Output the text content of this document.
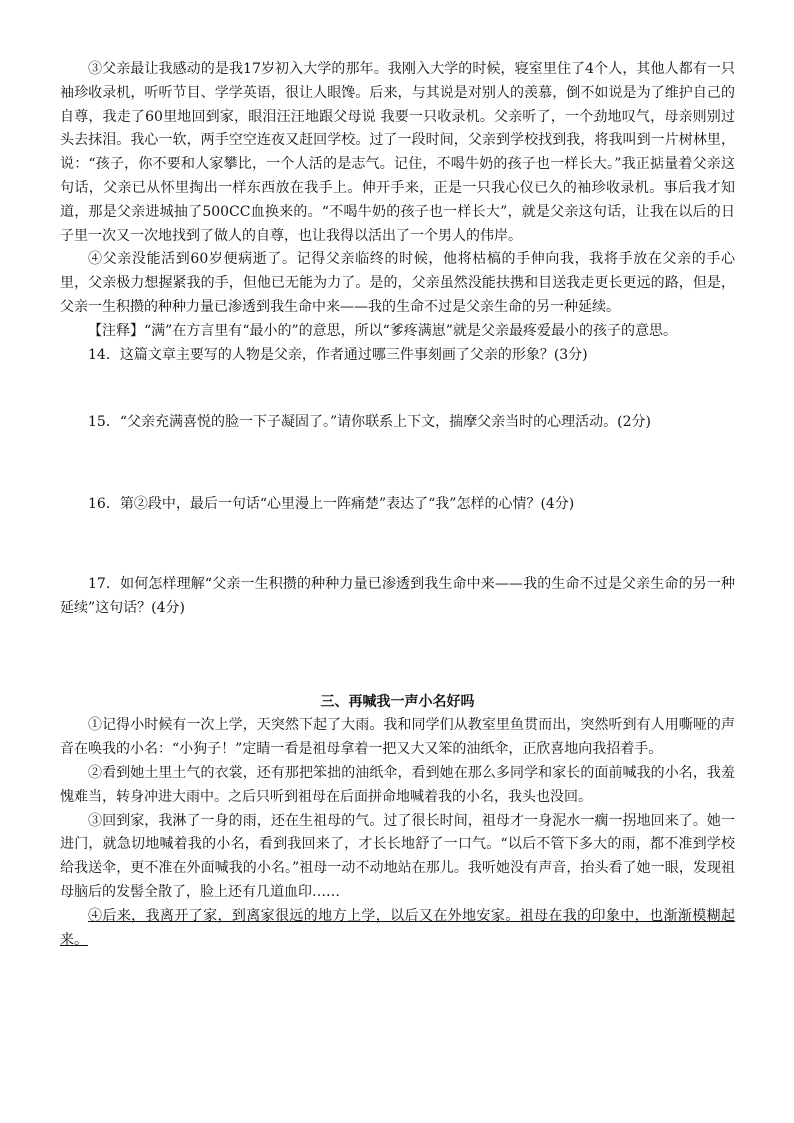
③父亲最让我感动的是我17岁初入大学的那年。我刚入大学的时候，寝室里住了4个人，其他人都有一只袖珍收录机，听听节目、学学英语，很让人眼馋。后来，与其说是对别人的羡慕，倒不如说是为了维护自己的自尊，我走了60里地回到家，眼泪汪汪地跟父母说 我要一只收录机。父亲听了，一个劲地叹气，母亲则别过头去抹泪。我心一软，两手空空连夜又赶回学校。过了一段时间，父亲到学校找到我，将我叫到一片树林里，说：“孩子，你不要和人家攀比，一个人活的是志气。记住，不喝牛奶的孩子也一样长大。”我正掂量着父亲这句话，父亲已从怀里掏出一样东西放在我手上。伸开手来，正是一只我心仪已久的袖珍收录机。事后我才知道，那是父亲进城抽了500CC血换来的。“不喝牛奶的孩子也一样长大”，就是父亲这句话，让我在以后的日子里一次又一次地找到了做人的自尊，也让我得以活出了一个男人的伟岸。

④父亲没能活到60岁便病逝了。记得父亲临终的时候，他将枯槁的手伸向我，我将手放在父亲的手心里，父亲极力想握紧我的手，但他已无能为力了。是的，父亲虽然没能扶携和目送我走更长更远的路，但是，父亲一生积攒的种种力量已渗透到我生命中来——我的生命不过是父亲生命的另一种延续。

【注释】“满”在方言里有“最小的”的意思，所以“爹疼满崽”就是父亲最疼爱最小的孩子的意思。

14．这篇文章主要写的人物是父亲，作者通过哪三件事刻画了父亲的形象？(3分)

15．“父亲充满喜悦的脸一下子凝固了。”请你联系上下文，揣摩父亲当时的心理活动。(2分)

16．第②段中，最后一句话“心里漫上一阵痛楚”表达了“我”怎样的心情？(4分)

17．如何怎样理解“父亲一生积攒的种种力量已渗透到我生命中来——我的生命不过是父亲生命的另一种延续”这句话？(4分)

三、再喊我一声小名好吗

①记得小时候有一次上学，天突然下起了大雨。我和同学们从教室里鱼贯而出，突然听到有人用嘶哑的声音在唤我的小名：“小狗子！”定睛一看是祖母拿着一把又大又笨的油纸伞，正欣喜地向我招着手。

②看到她土里土气的衣裳，还有那把笨拙的油纸伞，看到她在那么多同学和家长的面前喊我的小名，我羞愧难当，转身冲进大雨中。之后只听到祖母在后面拼命地喊着我的小名，我头也没回。

③回到家，我淋了一身的雨，还在生祖母的气。过了很长时间，祖母才一身泥水一瘸一拐地回来了。她一进门，就急切地喊着我的小名，看到我回来了，才长长地舒了一口气。“以后不管下多大的雨，都不准到学校给我送伞，更不准在外面喊我的小名。”祖母一动不动地站在那儿。我听她没有声音，抬头看了她一眼，发现祖母脑后的发髻全散了，脸上还有几道血印……

④后来，我离开了家，到离家很远的地方上学，以后又在外地安家。祖母在我的印象中，也渐渐模糊起来。
